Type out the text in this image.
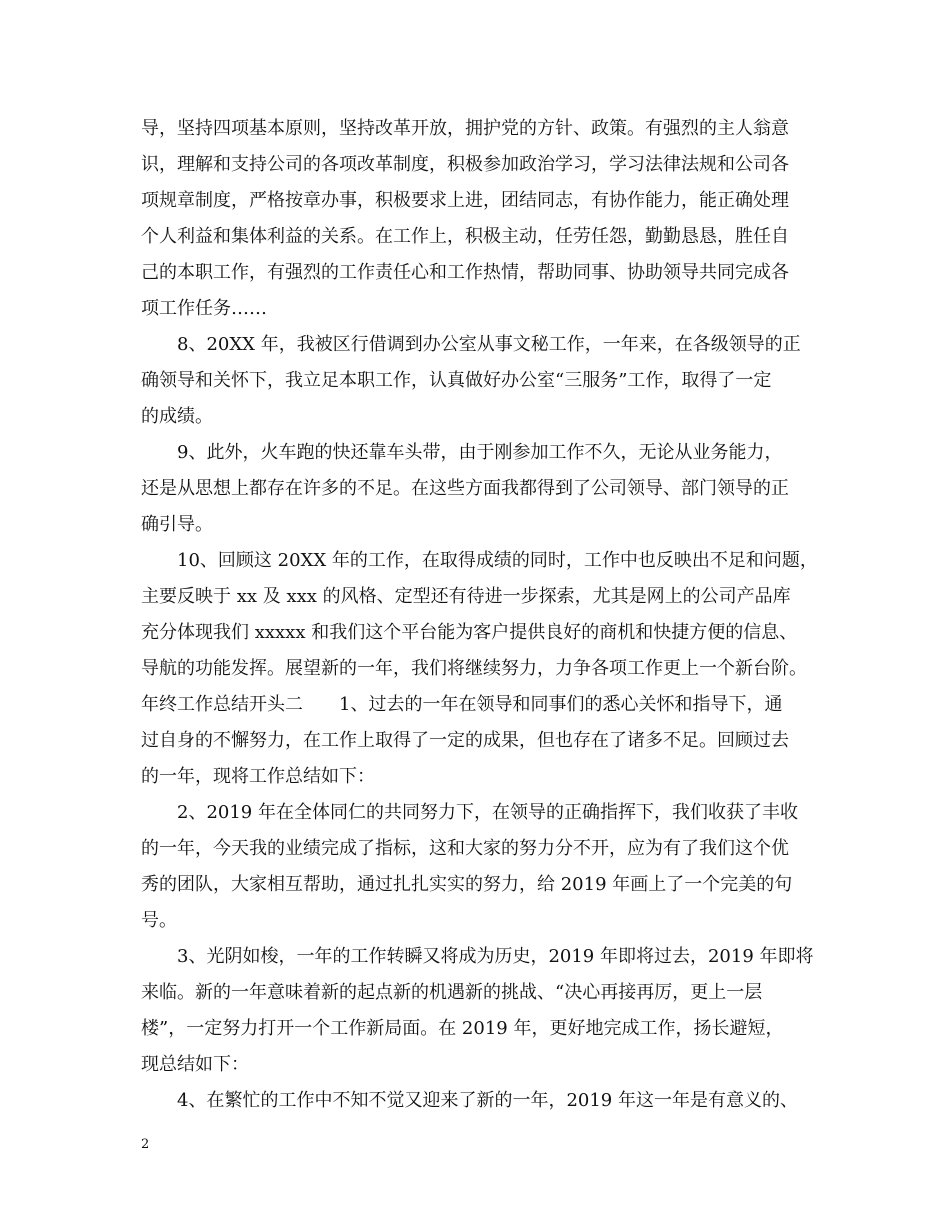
导，坚持四项基本原则，坚持改革开放，拥护党的方针、政策。有强烈的主人翁意
识，理解和支持公司的各项改革制度，积极参加政治学习，学习法律法规和公司各
项规章制度，严格按章办事，积极要求上进，团结同志，有协作能力，能正确处理
个人利益和集体利益的关系。在工作上，积极主动，任劳任怨，勤勤恳恳，胜任自
己的本职工作，有强烈的工作责任心和工作热情，帮助同事、协助领导共同完成各
项工作任务……
8、20XX 年，我被区行借调到办公室从事文秘工作，一年来，在各级领导的正
确领导和关怀下，我立足本职工作，认真做好办公室“三服务”工作，取得了一定
的成绩。
9、此外，火车跑的快还靠车头带，由于刚参加工作不久，无论从业务能力，
还是从思想上都存在许多的不足。在这些方面我都得到了公司领导、部门领导的正
确引导。
10、回顾这 20XX 年的工作，在取得成绩的同时，工作中也反映出不足和问题，
主要反映于 xx 及 xxx 的风格、定型还有待进一步探索，尤其是网上的公司产品库
充分体现我们 xxxxx 和我们这个平台能为客户提供良好的商机和快捷方便的信息、
导航的功能发挥。展望新的一年，我们将继续努力，力争各项工作更上一个新台阶。
年终工作总结开头二　　1、过去的一年在领导和同事们的悉心关怀和指导下，通
过自身的不懈努力，在工作上取得了一定的成果，但也存在了诸多不足。回顾过去
的一年，现将工作总结如下：
2、2019 年在全体同仁的共同努力下，在领导的正确指挥下，我们收获了丰收
的一年，今天我的业绩完成了指标，这和大家的努力分不开，应为有了我们这个优
秀的团队，大家相互帮助，通过扎扎实实的努力，给 2019 年画上了一个完美的句
号。
3、光阴如梭，一年的工作转瞬又将成为历史，2019 年即将过去，2019 年即将
来临。新的一年意味着新的起点新的机遇新的挑战、“决心再接再厉，更上一层
楼”，一定努力打开一个工作新局面。在 2019 年，更好地完成工作，扬长避短，
现总结如下：
4、在繁忙的工作中不知不觉又迎来了新的一年，2019 年这一年是有意义的、
2
